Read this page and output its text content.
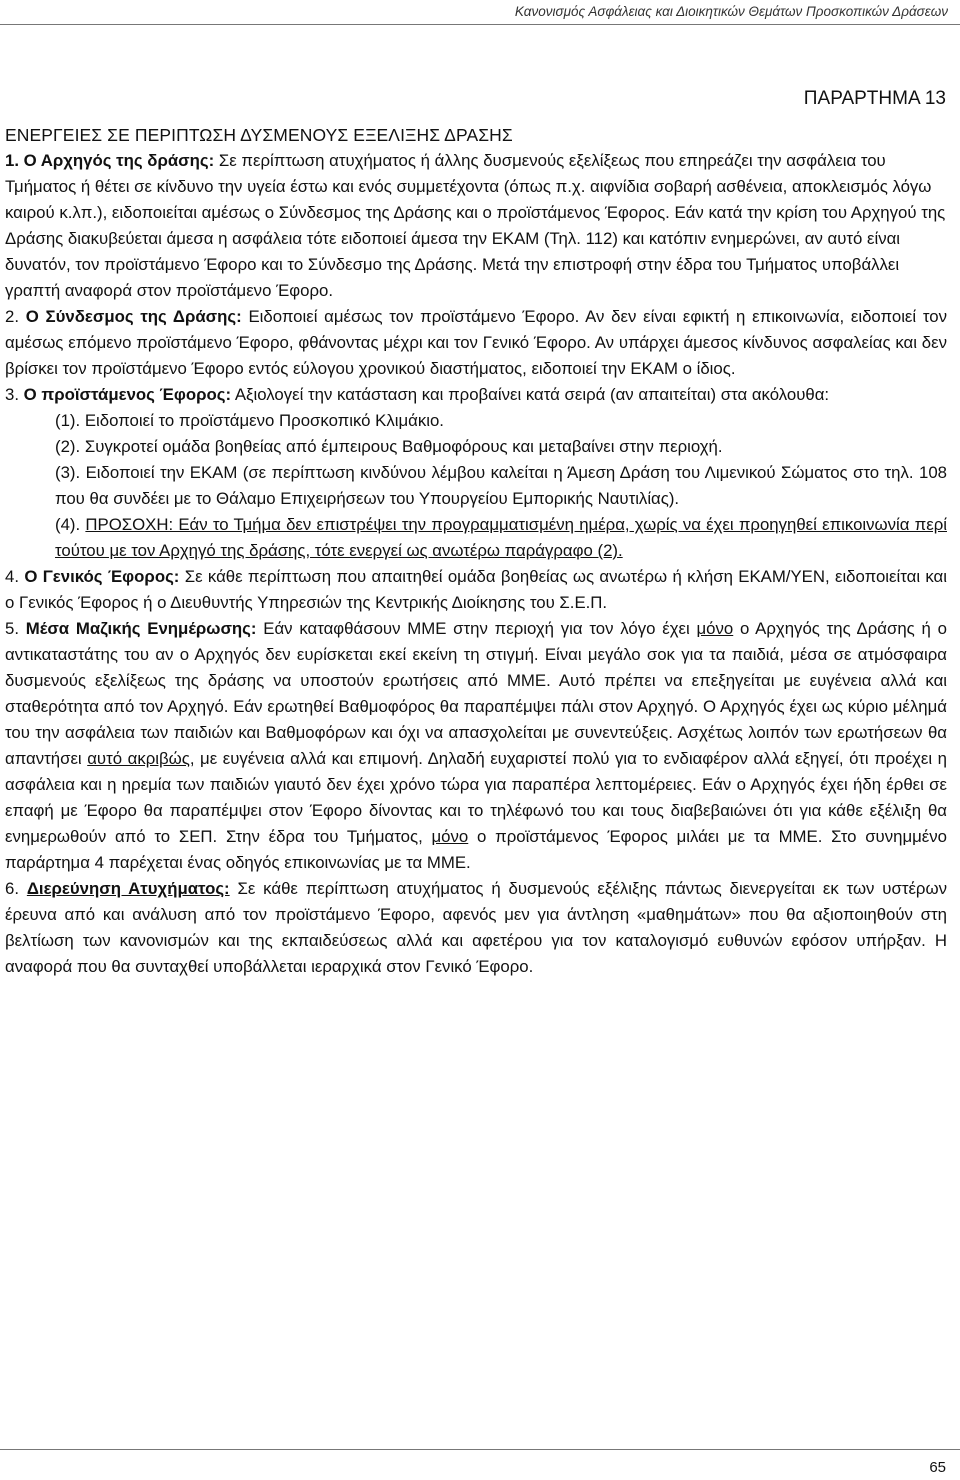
Κανονισμός Ασφάλειας και Διοικητικών Θεμάτων Προσκοπικών Δράσεων
ΠΑΡΑΡΤΗΜΑ 13

ΕΝΕΡΓΕΙΕΣ ΣΕ ΠΕΡΙΠΤΩΣΗ ΔΥΣΜΕΝΟΥΣ ΕΞΕΛΙΞΗΣ ΔΡΑΣΗΣ

1. Ο Αρχηγός της δράσης: Σε περίπτωση ατυχήματος ή άλλης δυσμενούς εξελίξεως που επηρεάζει την ασφάλεια του Τμήματος ή θέτει σε κίνδυνο την υγεία έστω και ενός συμμετέχοντα (όπως π.χ. αιφνίδια σοβαρή ασθένεια, αποκλεισμός λόγω καιρού κ.λπ.), ειδοποιείται αμέσως ο Σύνδεσμος της Δράσης και ο προϊστάμενος Έφορος. Εάν κατά την κρίση του Αρχηγού της Δράσης διακυβεύεται άμεσα η ασφάλεια τότε ειδοποιεί άμεσα την ΕΚΑΜ (Τηλ. 112) και κατόπιν ενημερώνει, αν αυτό είναι δυνατόν, τον προϊστάμενο Έφορο και το Σύνδεσμο της Δράσης. Μετά την επιστροφή στην έδρα του Τμήματος υποβάλλει γραπτή αναφορά στον προϊστάμενο Έφορο.

2. Ο Σύνδεσμος της Δράσης: Ειδοποιεί αμέσως τον προϊστάμενο Έφορο. Αν δεν είναι εφικτή η επικοινωνία, ειδοποιεί τον αμέσως επόμενο προϊστάμενο Έφορο, φθάνοντας μέχρι και τον Γενικό Έφορο. Αν υπάρχει άμεσος κίνδυνος ασφαλείας και δεν βρίσκει τον προϊστάμενο Έφορο εντός εύλογου χρονικού διαστήματος, ειδοποιεί την ΕΚΑΜ ο ίδιος.

3. Ο προϊστάμενος Έφορος: Αξιολογεί την κατάσταση και προβαίνει κατά σειρά (αν απαιτείται) στα ακόλουθα:

(1). Ειδοποιεί το προϊστάμενο Προσκοπικό Κλιμάκιο.

(2). Συγκροτεί ομάδα βοηθείας από έμπειρους Βαθμοφόρους και μεταβαίνει στην περιοχή.

(3). Ειδοποιεί την ΕΚΑΜ (σε περίπτωση κινδύνου λέμβου καλείται η Άμεση Δράση του Λιμενικού Σώματος στο τηλ. 108 που θα συνδέει με το Θάλαμο Επιχειρήσεων του Υπουργείου Εμπορικής Ναυτιλίας).

(4). ΠΡΟΣΟΧΗ: Εάν το Τμήμα δεν επιστρέψει την προγραμματισμένη ημέρα, χωρίς να έχει προηγηθεί επικοινωνία περί τούτου με τον Αρχηγό της δράσης, τότε ενεργεί ως ανωτέρω παράγραφο (2).

4. Ο Γενικός Έφορος: Σε κάθε περίπτωση που απαιτηθεί ομάδα βοηθείας ως ανωτέρω ή κλήση ΕΚΑΜ/ΥΕΝ, ειδοποιείται και ο Γενικός Έφορος ή ο Διευθυντής Υπηρεσιών της Κεντρικής Διοίκησης του Σ.Ε.Π.

5. Μέσα Μαζικής Ενημέρωσης: Εάν καταφθάσουν ΜΜΕ στην περιοχή για τον λόγο έχει μόνο ο Αρχηγός της Δράσης ή ο αντικαταστάτης του αν ο Αρχηγός δεν ευρίσκεται εκεί εκείνη τη στιγμή. Είναι μεγάλο σοκ για τα παιδιά, μέσα σε ατμόσφαιρα δυσμενούς εξελίξεως της δράσης να υποστούν ερωτήσεις από ΜΜΕ. Αυτό πρέπει να επεξηγείται με ευγένεια αλλά και σταθερότητα από τον Αρχηγό. Εάν ερωτηθεί Βαθμοφόρος θα παραπέμψει πάλι στον Αρχηγό. Ο Αρχηγός έχει ως κύριο μέλημά του την ασφάλεια των παιδιών και Βαθμοφόρων και όχι να απασχολείται με συνεντεύξεις. Ασχέτως λοιπόν των ερωτήσεων θα απαντήσει αυτό ακριβώς, με ευγένεια αλλά και επιμονή. Δηλαδή ευχαριστεί πολύ για το ενδιαφέρον αλλά εξηγεί, ότι προέχει η ασφάλεια και η ηρεμία των παιδιών γιαυτό δεν έχει χρόνο τώρα για παραπέρα λεπτομέρειες. Εάν ο Αρχηγός έχει ήδη έρθει σε επαφή με Έφορο θα παραπέμψει στον Έφορο δίνοντας και το τηλέφωνό του και τους διαβεβαιώνει ότι για κάθε εξέλιξη θα ενημερωθούν από το ΣΕΠ. Στην έδρα του Τμήματος, μόνο ο προϊστάμενος Έφορος μιλάει με τα ΜΜΕ. Στο συνημμένο παράρτημα 4 παρέχεται ένας οδηγός επικοινωνίας με τα ΜΜΕ.

6. Διερεύνηση Ατυχήματος: Σε κάθε περίπτωση ατυχήματος ή δυσμενούς εξέλιξης πάντως διενεργείται εκ των υστέρων έρευνα από και ανάλυση από τον προϊστάμενο Έφορο, αφενός μεν για άντληση «μαθημάτων» που θα αξιοποιηθούν στη βελτίωση των κανονισμών και της εκπαιδεύσεως αλλά και αφετέρου για τον καταλογισμό ευθυνών εφόσον υπήρξαν. Η αναφορά που θα συνταχθεί υποβάλλεται ιεραρχικά στον Γενικό Έφορο.

65
